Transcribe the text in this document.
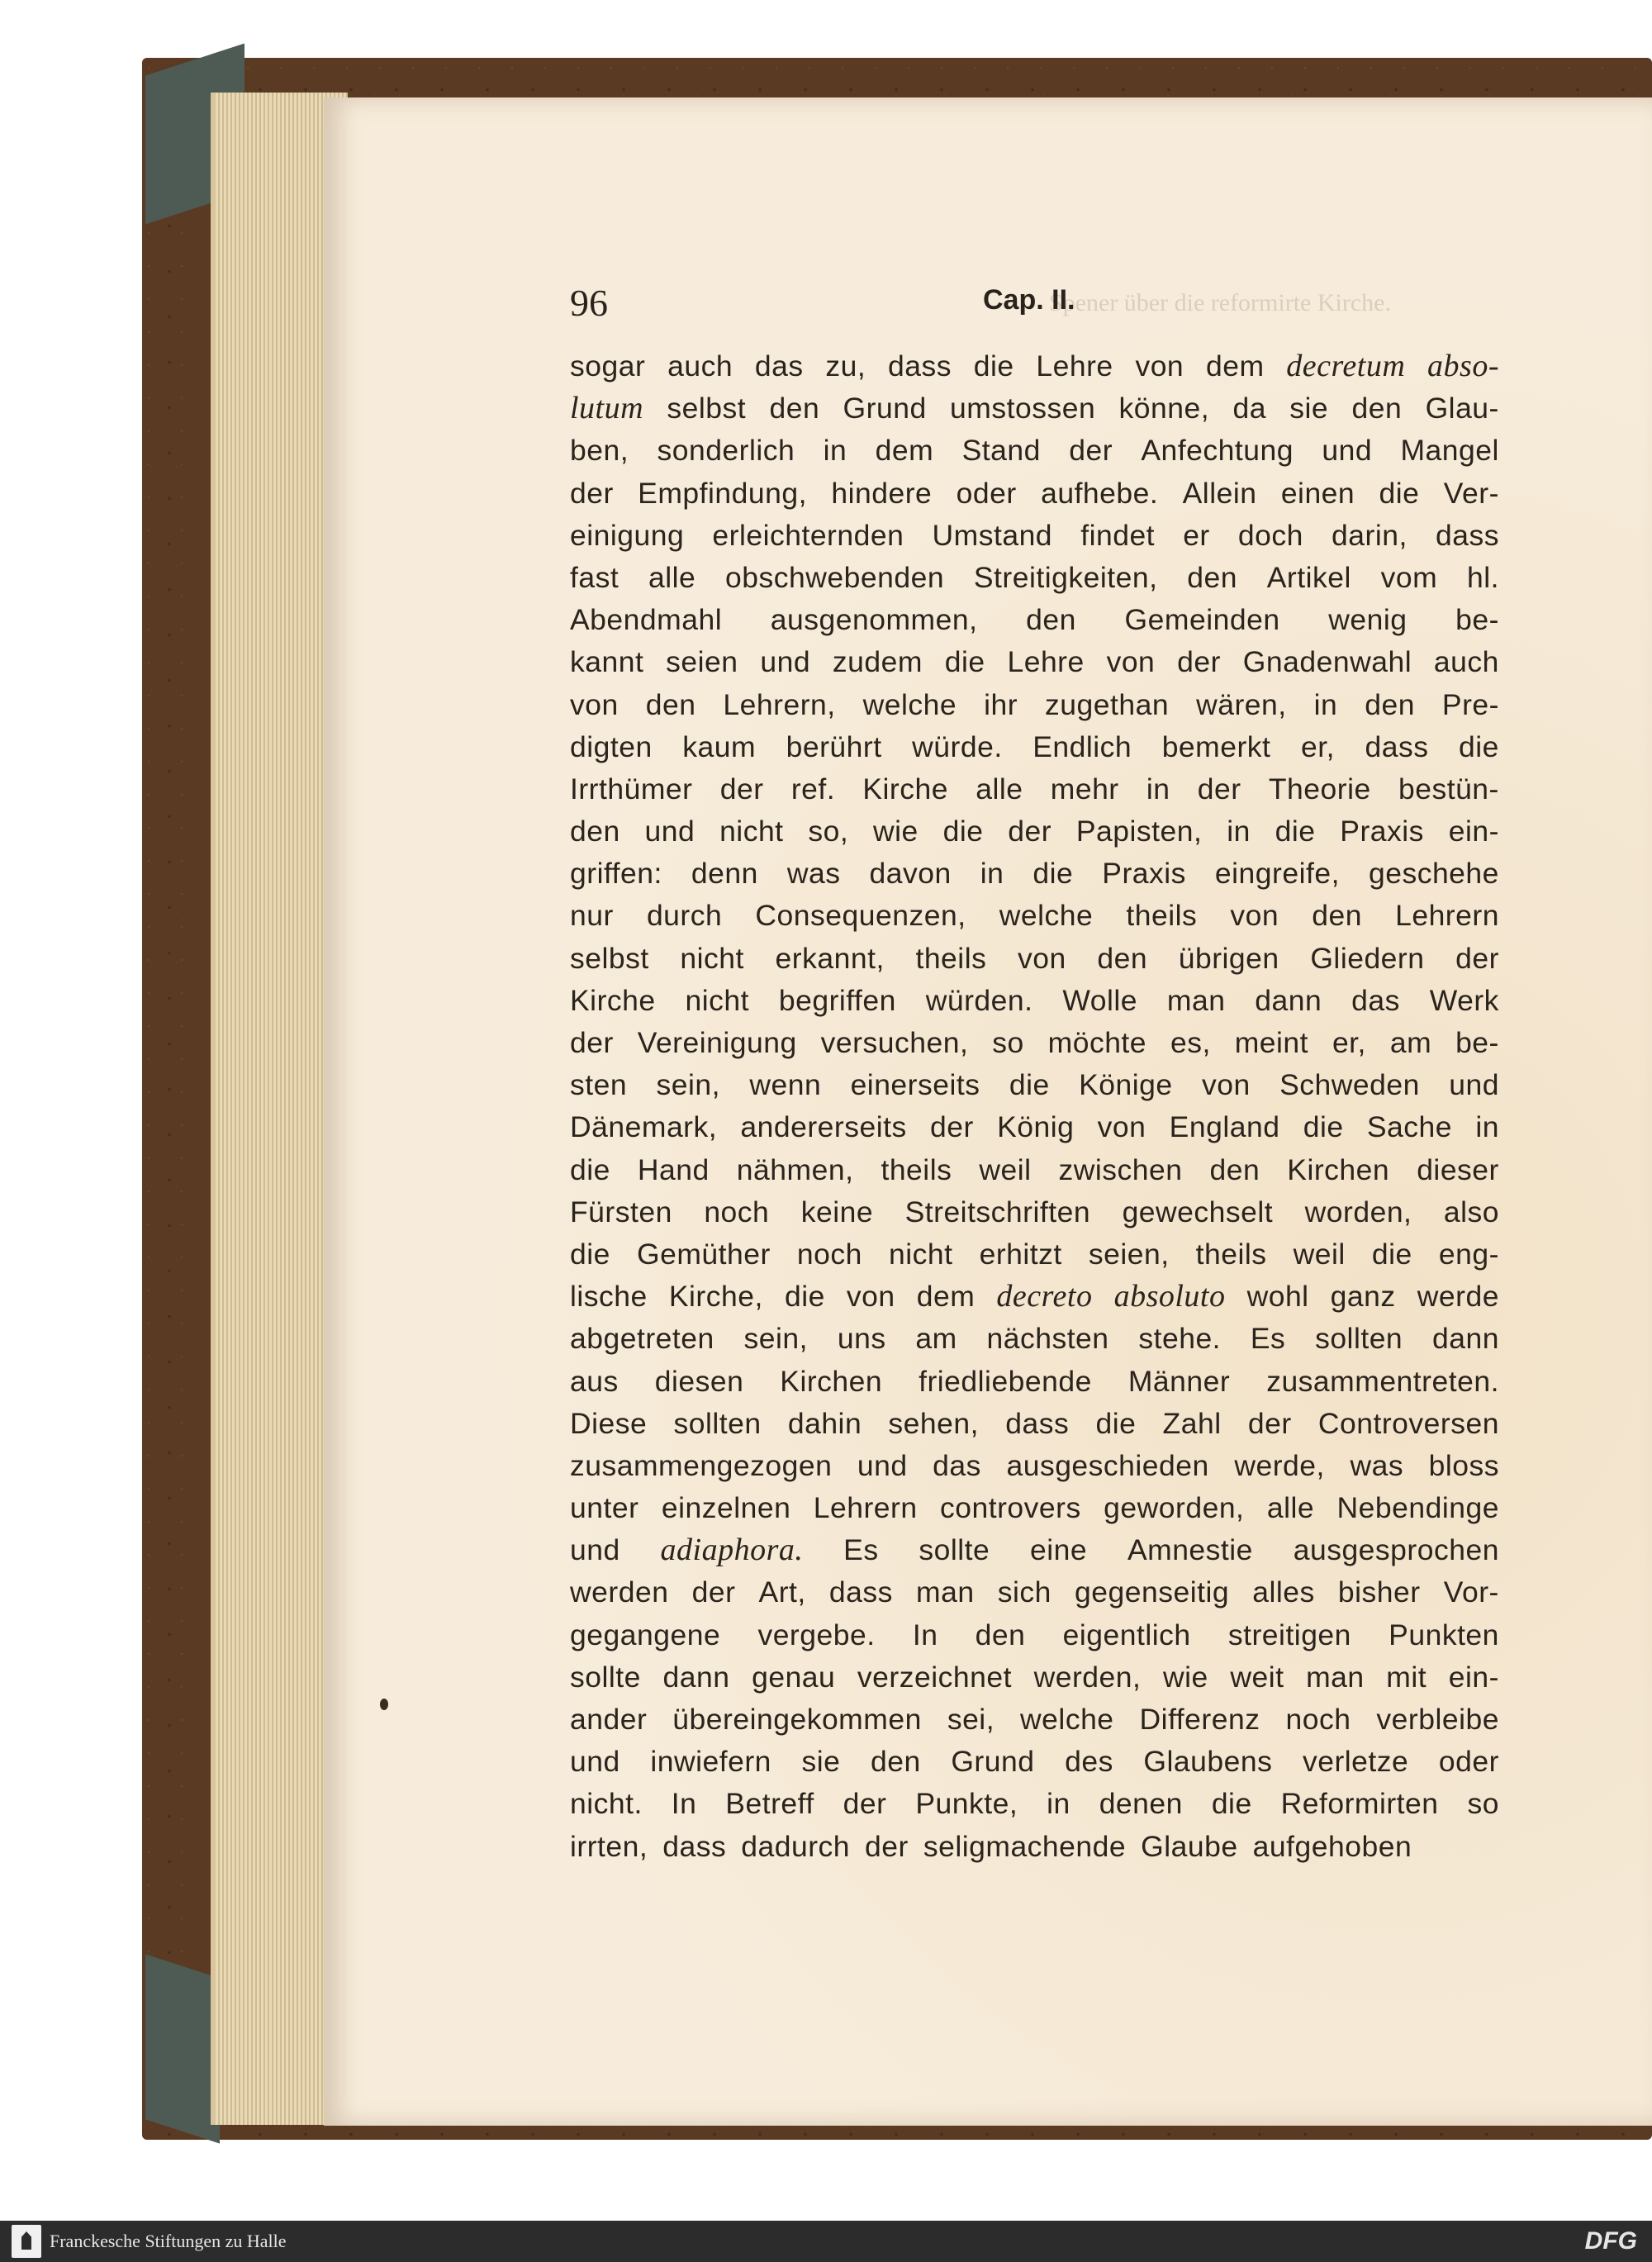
Spener über die reformirte Kirche.
96	Cap. II.
sogar auch das zu, dass die Lehre von dem decretum abso-
lutum selbst den Grund umstossen könne, da sie den Glau-
ben, sonderlich in dem Stand der Anfechtung und Mangel
der Empfindung, hindere oder aufhebe. Allein einen die Ver-
einigung erleichternden Umstand findet er doch darin, dass
fast alle obschwebenden Streitigkeiten, den Artikel vom hl.
Abendmahl ausgenommen, den Gemeinden wenig be-
kannt seien und zudem die Lehre von der Gnadenwahl auch
von den Lehrern, welche ihr zugethan wären, in den Pre-
digten kaum berührt würde. Endlich bemerkt er, dass die
Irrthümer der ref. Kirche alle mehr in der Theorie bestün-
den und nicht so, wie die der Papisten, in die Praxis ein-
griffen: denn was davon in die Praxis eingreife, geschehe
nur durch Consequenzen, welche theils von den Lehrern
selbst nicht erkannt, theils von den übrigen Gliedern der
Kirche nicht begriffen würden. Wolle man dann das Werk
der Vereinigung versuchen, so möchte es, meint er, am be-
sten sein, wenn einerseits die Könige von Schweden und
Dänemark, andererseits der König von England die Sache in
die Hand nähmen, theils weil zwischen den Kirchen dieser
Fürsten noch keine Streitschriften gewechselt worden, also
die Gemüther noch nicht erhitzt seien, theils weil die eng-
lische Kirche, die von dem decreto absoluto wohl ganz werde
abgetreten sein, uns am nächsten stehe. Es sollten dann
aus diesen Kirchen friedliebende Männer zusammentreten.
Diese sollten dahin sehen, dass die Zahl der Controversen
zusammengezogen und das ausgeschieden werde, was bloss
unter einzelnen Lehrern controvers geworden, alle Nebendinge
und adiaphora. Es sollte eine Amnestie ausgesprochen
werden der Art, dass man sich gegenseitig alles bisher Vor-
gegangene vergebe. In den eigentlich streitigen Punkten
sollte dann genau verzeichnet werden, wie weit man mit ein-
ander übereingekommen sei, welche Differenz noch verbleibe
und inwiefern sie den Grund des Glaubens verletze oder
nicht. In Betreff der Punkte, in denen die Reformirten so
irrten, dass dadurch der seligmachende Glaube aufgehoben
Franckesche Stiftungen zu Halle	DFG
